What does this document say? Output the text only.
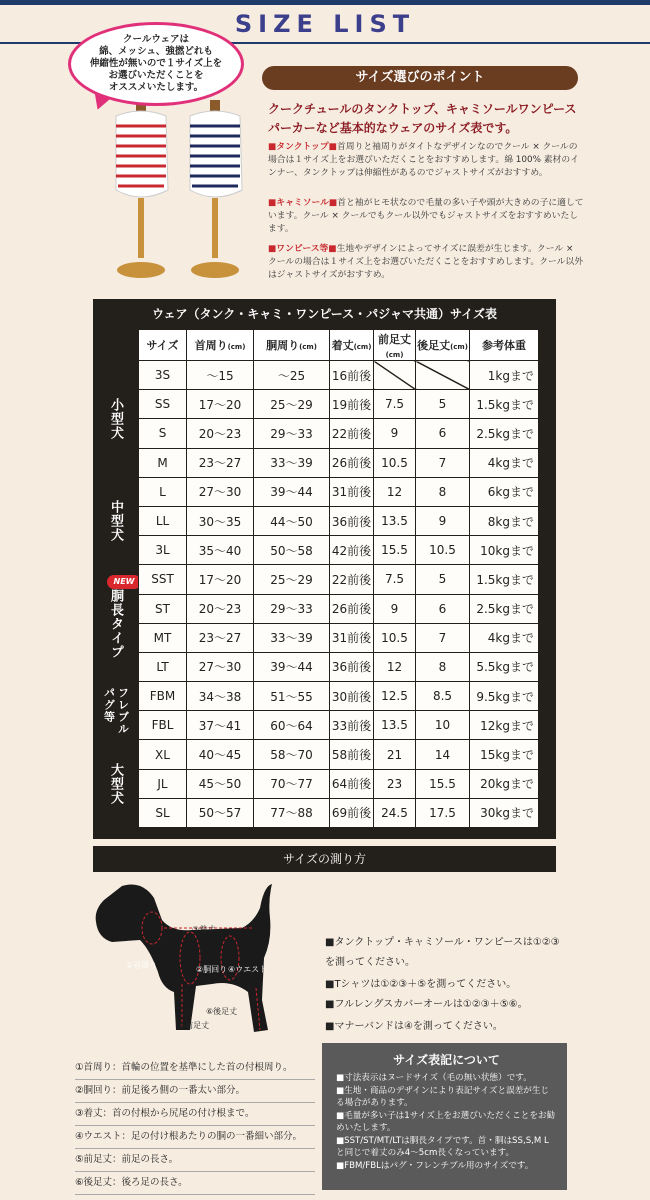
SIZE LIST

クールウェアは
綿、メッシュ、強撚どれも
伸縮性が無いので１サイズ上を
お選びいただくことを
オススメいたします。

サイズ選びのポイント
クークチュールのタンクトップ、キャミソールワンピース
パーカーなど基本的なウェアのサイズ表です。
■タンクトップ■首周りと袖周りがタイトなデザインなのでクール × クールの場合は１サイズ上をお選びいただくことをおすすめします。綿 100% 素材のインナー、タンクトップは伸縮性があるのでジャストサイズがおすすめ。
■キャミソール■首と袖がヒモ状なので毛量の多い子や頭が大きめの子に適しています。クール × クールでもクール以外でもジャストサイズをおすすめいたします。
■ワンピース等■生地やデザインによってサイズに誤差が生じます。クール × クールの場合は１サイズ上をお選びいただくことをおすすめします。クール以外はジャストサイズがおすすめ。
ウェア（タンク・キャミ・ワンピース・パジャマ共通）サイズ表
小型犬
中型犬
胴長タイプ
フレブル
パグ等
大型犬
NEW
サイズ	首周り(cm)	胴周り(cm)	着丈(cm)	前足丈(cm)	後足丈(cm)	参考体重
3S	～15	～25	16前後			1kgまで
SS	17～20	25～29	19前後	7.5	5	1.5kgまで
S	20～23	29～33	22前後	9	6	2.5kgまで
M	23～27	33～39	26前後	10.5	7	4kgまで
L	27～30	39～44	31前後	12	8	6kgまで
LL	30～35	44～50	36前後	13.5	9	8kgまで
3L	35～40	50～58	42前後	15.5	10.5	10kgまで
SST	17～20	25～29	22前後	7.5	5	1.5kgまで
ST	20～23	29～33	26前後	9	6	2.5kgまで
MT	23～27	33～39	31前後	10.5	7	4kgまで
LT	27～30	39～44	36前後	12	8	5.5kgまで
FBM	34～38	51～55	30前後	12.5	8.5	9.5kgまで
FBL	37～41	60～64	33前後	13.5	10	12kgまで
XL	40～45	58～70	58前後	21	14	15kgまで
JL	45～50	70～77	64前後	23	15.5	20kgまで
SL	50～57	77～88	69前後	24.5	17.5	30kgまで
サイズの測り方
①首周り
③着丈
②胴回り ④ウエスト
⑥後足丈
⑤前足丈
■タンクトップ・キャミソール・ワンピースは①②③
を測ってください。
■Tシャツは①②③＋⑤を測ってください。
■フルレングスカバーオールは①②③＋⑤⑥。
■マナーバンドは④を測ってください。
①首周り：首輪の位置を基準にした首の付根周り。
②胴回り：前足後ろ側の一番太い部分。
③着丈：首の付根から尻尾の付け根まで。
④ウエスト：足の付け根あたりの胴の一番細い部分。
⑤前足丈：前足の長さ。
⑥後足丈：後ろ足の長さ。
サイズ表記について
■寸法表示はヌードサイズ（毛の無い状態）です。
■生地・商品のデザインにより表記サイズと誤差が生じる場合があります。
■毛量が多い子は1サイズ上をお選びいただくことをお勧めいたします。
■SST/ST/MT/LTは胴長タイプです。首・胴はSS,S,M L と同じで着丈のみ4～5cm長くなっています。
■FBM/FBLはパグ・フレンチブル用のサイズです。
